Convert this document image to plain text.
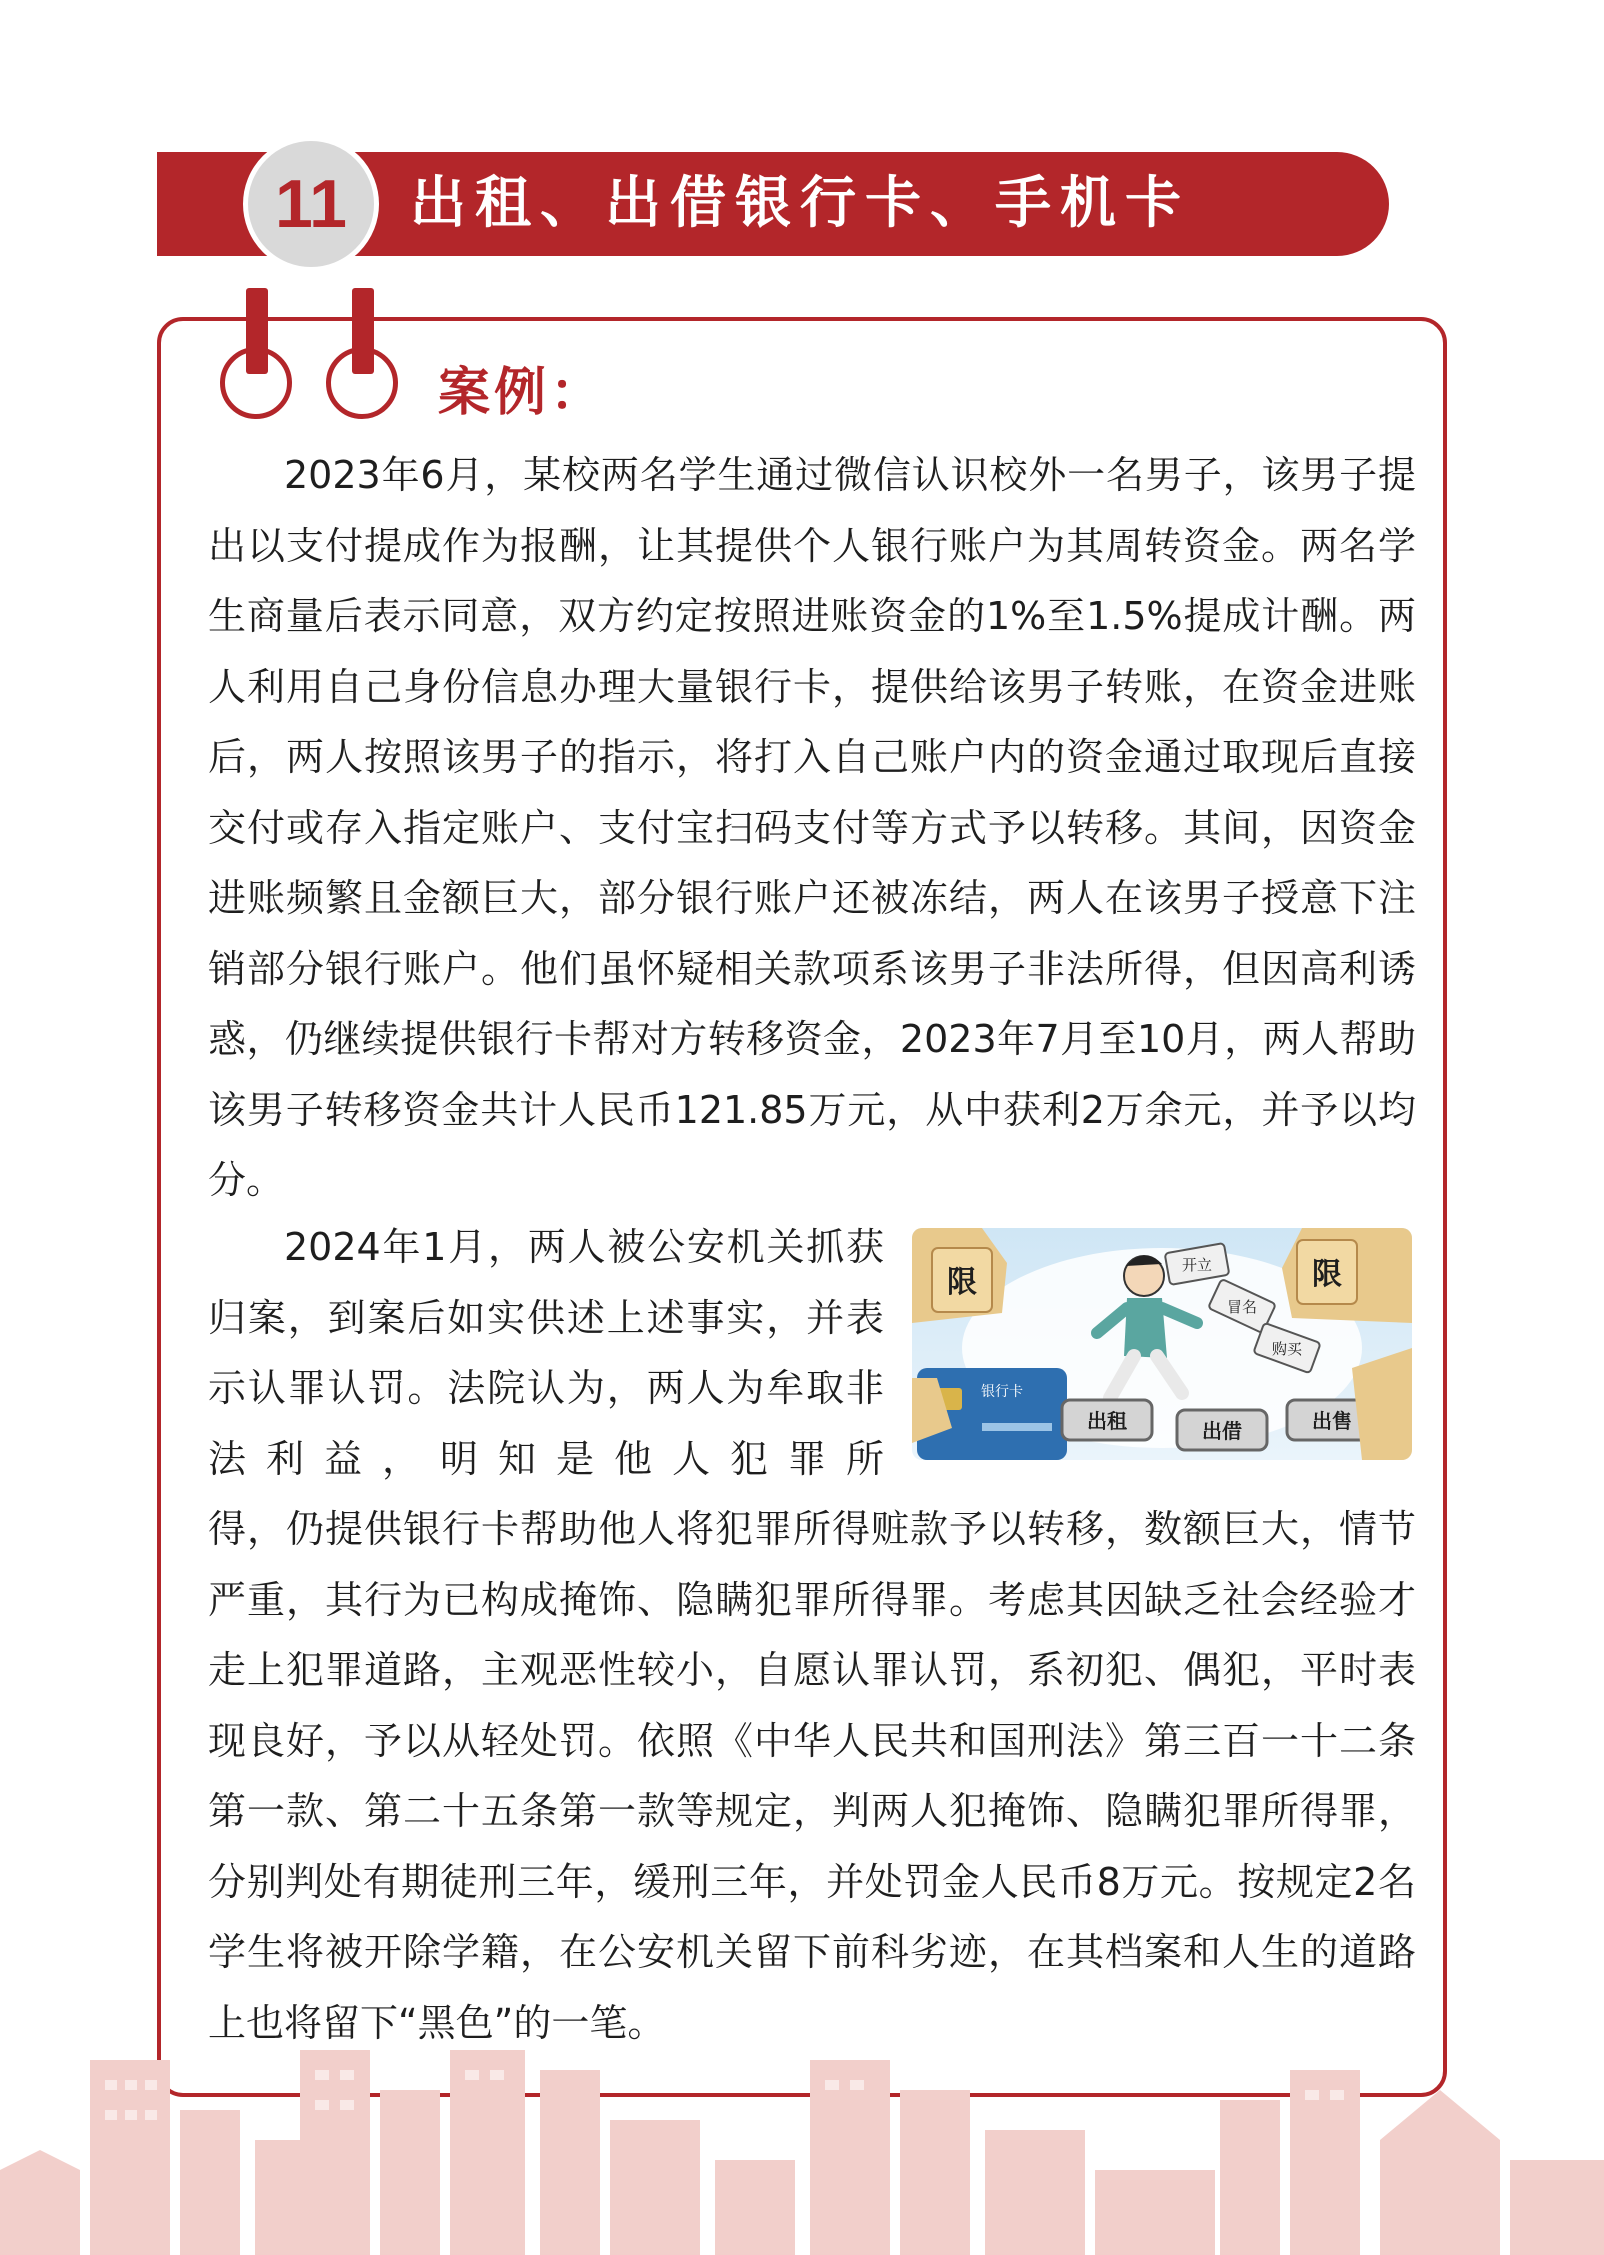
11	出租、出借银行卡、手机卡
案例：

2023年6月，某校两名学生通过微信认识校外一名男子，该男子提出以支付提成作为报酬，让其提供个人银行账户为其周转资金。两名学生商量后表示同意，双方约定按照进账资金的1%至1.5%提成计酬。两人利用自己身份信息办理大量银行卡，提供给该男子转账，在资金进账后，两人按照该男子的指示，将打入自己账户内的资金通过取现后直接交付或存入指定账户、支付宝扫码支付等方式予以转移。其间，因资金进账频繁且金额巨大，部分银行账户还被冻结，两人在该男子授意下注销部分银行账户。他们虽怀疑相关款项系该男子非法所得，但因高利诱惑，仍继续提供银行卡帮对方转移资金，2023年7月至10月，两人帮助该男子转移资金共计人民币121.85万元，从中获利2万余元，并予以均分。

2024年1月，两人被公安机关抓获归案，到案后如实供述上述事实，并表示认罪认罚。法院认为，两人为牟取非法利益，明知是他人犯罪所

得，仍提供银行卡帮助他人将犯罪所得赃款予以转移，数额巨大，情节严重，其行为已构成掩饰、隐瞒犯罪所得罪。考虑其因缺乏社会经验才走上犯罪道路，主观恶性较小，自愿认罪认罚，系初犯、偶犯，平时表现良好，予以从轻处罚。依照《中华人民共和国刑法》第三百一十二条第一款、第二十五条第一款等规定，判两人犯掩饰、隐瞒犯罪所得罪，分别判处有期徒刑三年，缓刑三年，并处罚金人民币8万元。按规定2名学生将被开除学籍，在公安机关留下前科劣迹，在其档案和人生的道路上也将留下“黑色”的一笔。

限	限
银行卡
开立
冒名
购买
出租	出借	出售
